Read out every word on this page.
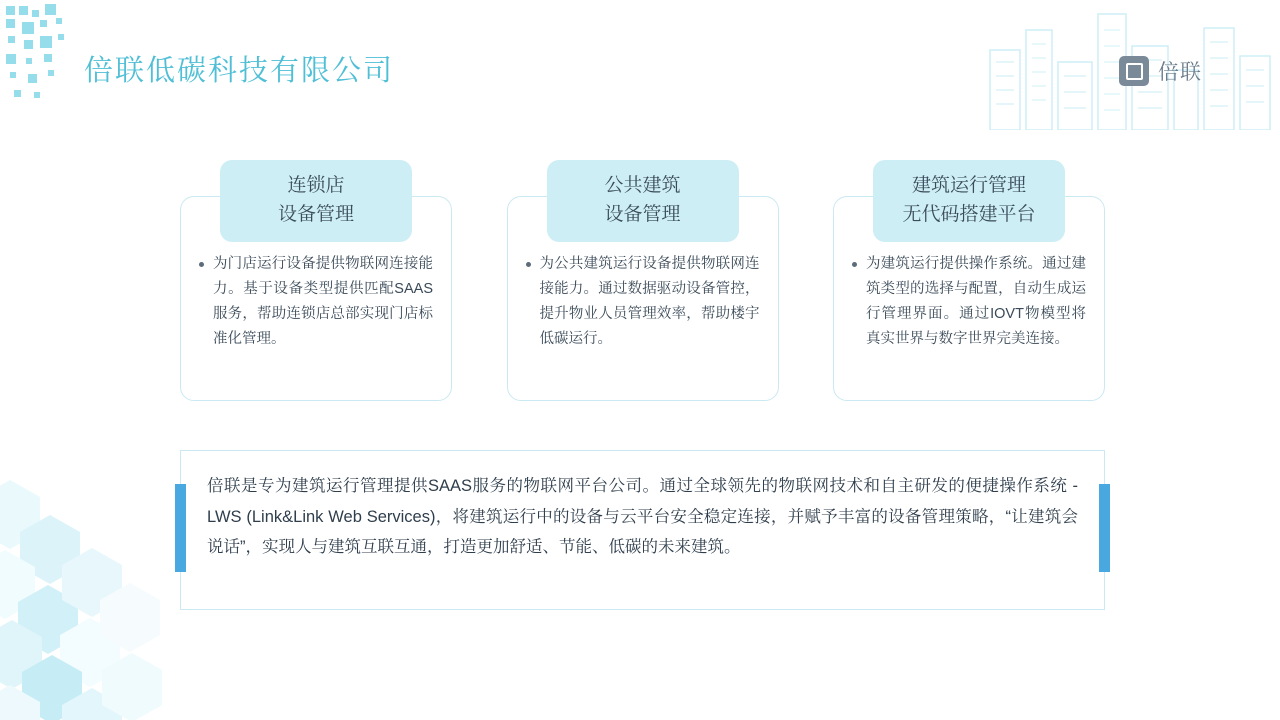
倍联低碳科技有限公司	倍联
为门店运行设备提供物联网连接能力。基于设备类型提供匹配SAAS服务，帮助连锁店总部实现门店标准化管理。
连锁店
设备管理
为公共建筑运行设备提供物联网连接能力。通过数据驱动设备管控，提升物业人员管理效率，帮助楼宇低碳运行。
公共建筑
设备管理
为建筑运行提供操作系统。通过建筑类型的选择与配置，自动生成运行管理界面。通过IOVT物模型将真实世界与数字世界完美连接。
建筑运行管理
无代码搭建平台
倍联是专为建筑运行管理提供SAAS服务的物联网平台公司。通过全球领先的物联网技术和自主研发的便捷操作系统 - LWS (Link&Link Web Services)，将建筑运行中的设备与云平台安全稳定连接，并赋予丰富的设备管理策略，“让建筑会说话”，实现人与建筑互联互通，打造更加舒适、节能、低碳的未来建筑。
